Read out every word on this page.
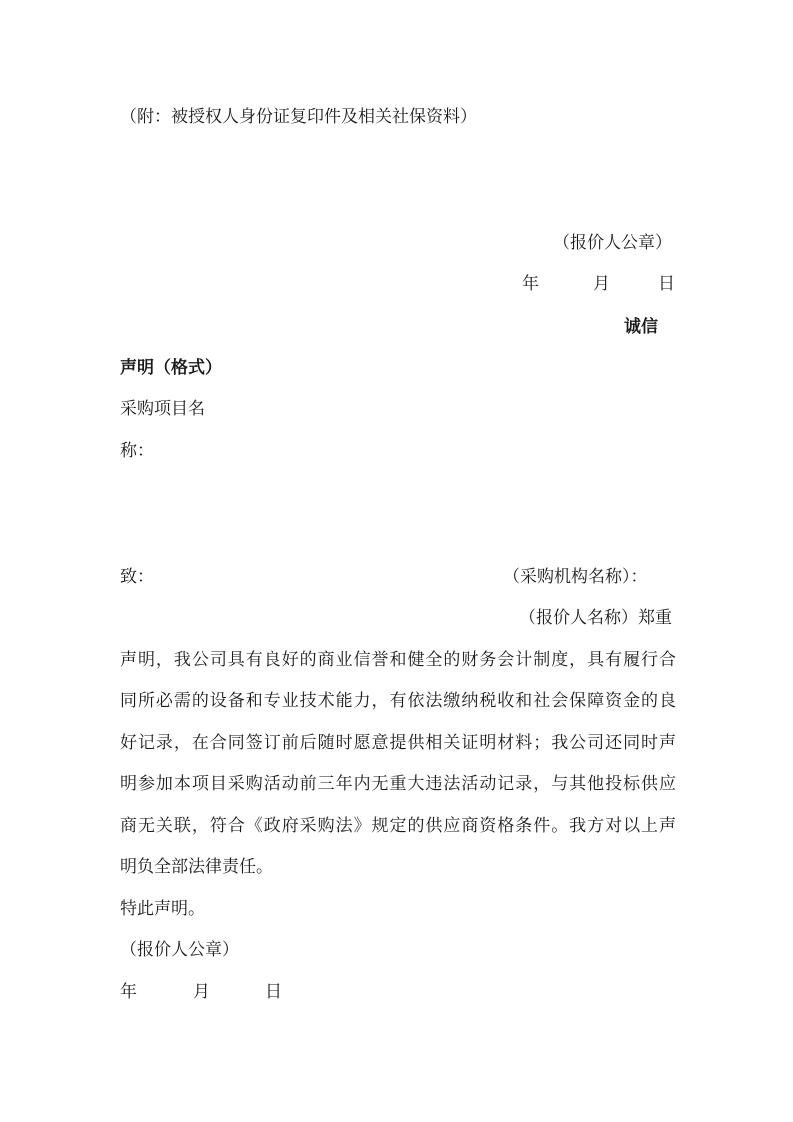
（附：被授权人身份证复印件及相关社保资料）
（报价人公章）
年	月	日
诚信
声明（格式）
采购项目名
称：
致：	（采购机构名称）：
（报价人名称）郑重
声明，我公司具有良好的商业信誉和健全的财务会计制度，具有履行合
同所必需的设备和专业技术能力，有依法缴纳税收和社会保障资金的良
好记录，在合同签订前后随时愿意提供相关证明材料；我公司还同时声
明参加本项目采购活动前三年内无重大违法活动记录，与其他投标供应
商无关联，符合《政府采购法》规定的供应商资格条件。我方对以上声
明负全部法律责任。
特此声明。
（报价人公章）
年	月	日
